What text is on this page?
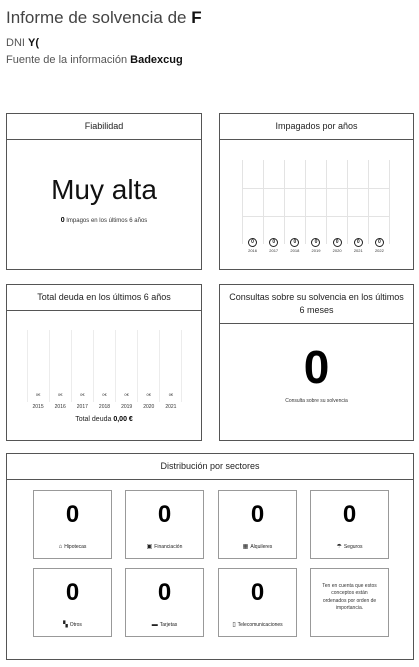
Informe de solvencia de F
DNI Y(
Fuente de la información Badexcug
Fiabilidad
Muy alta
0 Impagos en los últimos 6 años
Impagados por años
0	0	0	0	0	0	0
2016	2017	2018	2019	2020	2021	2022
Total deuda en los últimos 6 años
0€	0€	0€	0€	0€	0€	0€
2015	2016	2017	2018	2019	2020	2021
Total deuda 0,00 €
Consultas sobre su solvencia en los últimos 6 meses
0
Consulta sobre su solvencia
Distribución por sectores
0
⌂ Hipotecas
0
▣ Financiación
0
▦ Alquileres
0
☂ Seguros
0
▚ Otros
0
▬ Tarjetas
0
▯ Telecomunicaciones
Ten en cuenta que estos conceptos están ordenados por orden de importancia.
